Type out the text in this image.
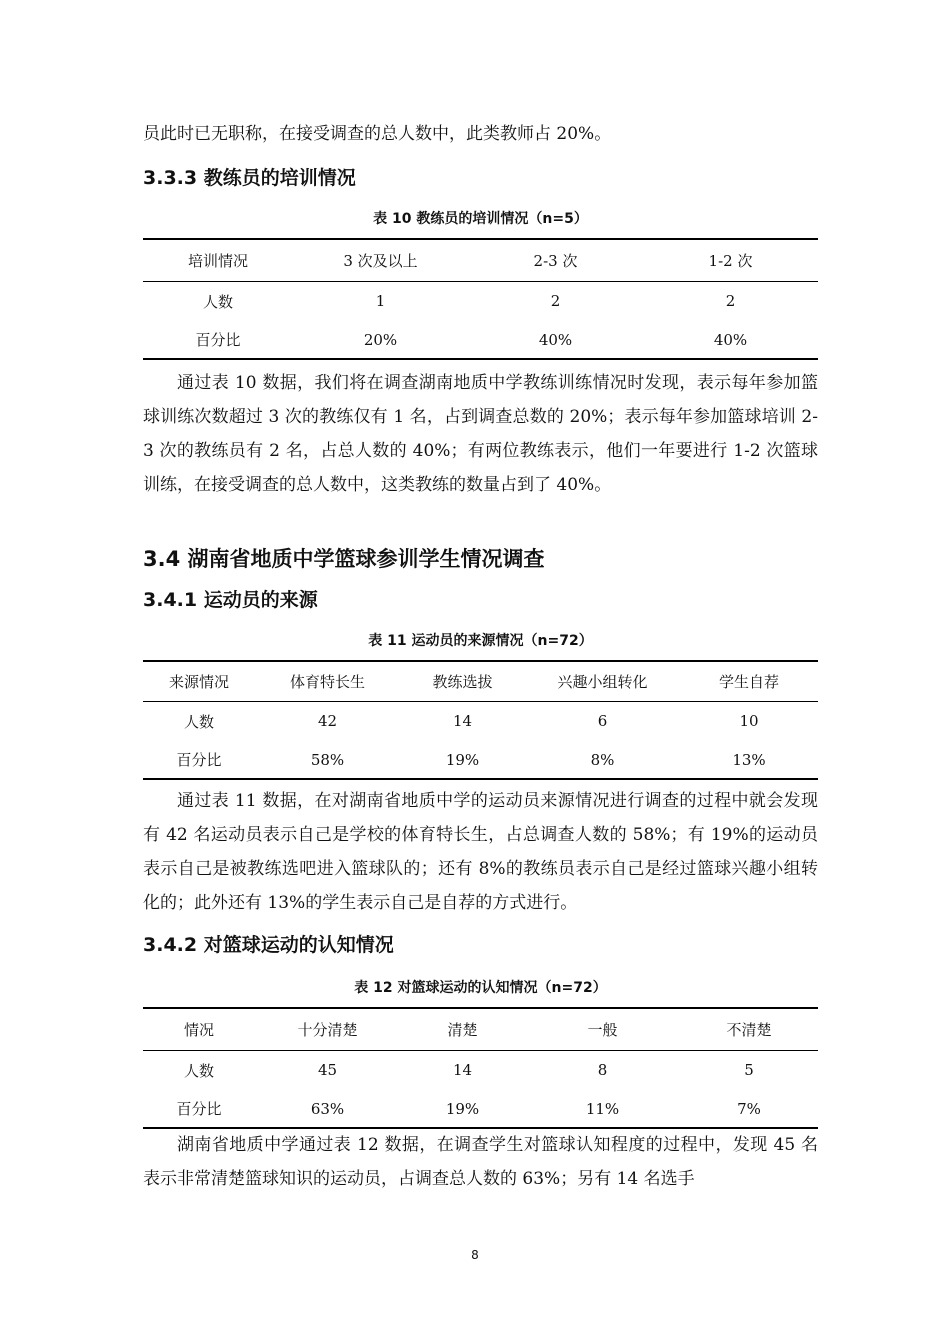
员此时已无职称，在接受调查的总人数中，此类教师占 20%。

3.3.3 教练员的培训情况

表 10 教练员的培训情况（n=5）

培训情况	3 次及以上	2-3 次	1-2 次
人数	1	2	2
百分比	20%	40%	40%

通过表 10 数据，我们将在调查湖南地质中学教练训练情况时发现，表示每年参加篮球训练次数超过 3 次的教练仅有 1 名，占到调查总数的 20%；表示每年参加篮球培训 2-3 次的教练员有 2 名，占总人数的 40%；有两位教练表示，他们一年要进行 1-2 次篮球训练，在接受调查的总人数中，这类教练的数量占到了 40%。

3.4 湖南省地质中学篮球参训学生情况调查

3.4.1 运动员的来源

表 11 运动员的来源情况（n=72）

来源情况	体育特长生	教练选拔	兴趣小组转化	学生自荐
人数	42	14	6	10
百分比	58%	19%	8%	13%

通过表 11 数据，在对湖南省地质中学的运动员来源情况进行调查的过程中就会发现有 42 名运动员表示自己是学校的体育特长生，占总调查人数的 58%；有 19%的运动员表示自己是被教练选吧进入篮球队的；还有 8%的教练员表示自己是经过篮球兴趣小组转化的；此外还有 13%的学生表示自己是自荐的方式进行。

3.4.2 对篮球运动的认知情况

表 12 对篮球运动的认知情况（n=72）

情况	十分清楚	清楚	一般	不清楚
人数	45	14	8	5
百分比	63%	19%	11%	7%

湖南省地质中学通过表 12 数据，在调查学生对篮球认知程度的过程中，发现 45 名表示非常清楚篮球知识的运动员，占调查总人数的 63%；另有 14 名选手

8
